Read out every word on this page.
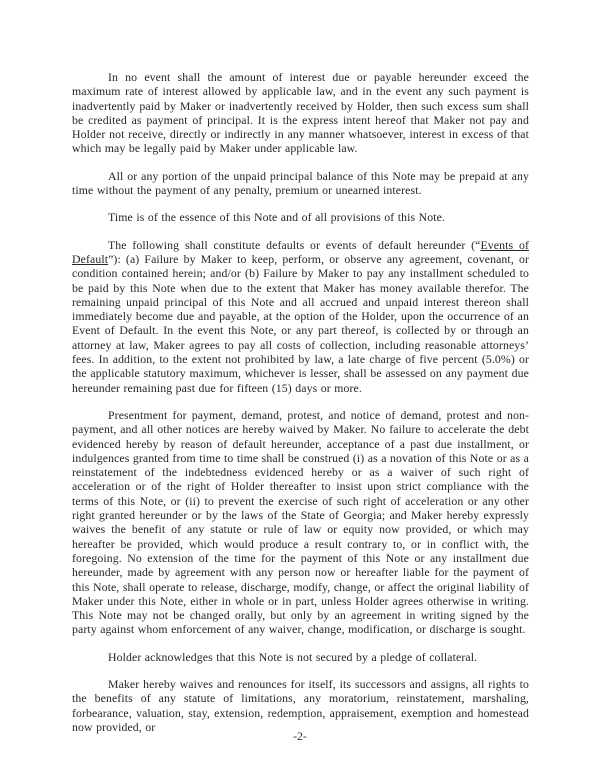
In no event shall the amount of interest due or payable hereunder exceed the maximum rate of interest allowed by applicable law, and in the event any such payment is inadvertently paid by Maker or inadvertently received by Holder, then such excess sum shall be credited as payment of principal. It is the express intent hereof that Maker not pay and Holder not receive, directly or indirectly in any manner whatsoever, interest in excess of that which may be legally paid by Maker under applicable law.

All or any portion of the unpaid principal balance of this Note may be prepaid at any time without the payment of any penalty, premium or unearned interest.

Time is of the essence of this Note and of all provisions of this Note.

The following shall constitute defaults or events of default hereunder (“Events of Default”): (a) Failure by Maker to keep, perform, or observe any agreement, covenant, or condition contained herein; and/or (b) Failure by Maker to pay any installment scheduled to be paid by this Note when due to the extent that Maker has money available therefor. The remaining unpaid principal of this Note and all accrued and unpaid interest thereon shall immediately become due and payable, at the option of the Holder, upon the occurrence of an Event of Default. In the event this Note, or any part thereof, is collected by or through an attorney at law, Maker agrees to pay all costs of collection, including reasonable attorneys’ fees. In addition, to the extent not prohibited by law, a late charge of five percent (5.0%) or the applicable statutory maximum, whichever is lesser, shall be assessed on any payment due hereunder remaining past due for fifteen (15) days or more.

Presentment for payment, demand, protest, and notice of demand, protest and non-payment, and all other notices are hereby waived by Maker. No failure to accelerate the debt evidenced hereby by reason of default hereunder, acceptance of a past due installment, or indulgences granted from time to time shall be construed (i) as a novation of this Note or as a reinstatement of the indebtedness evidenced hereby or as a waiver of such right of acceleration or of the right of Holder thereafter to insist upon strict compliance with the terms of this Note, or (ii) to prevent the exercise of such right of acceleration or any other right granted hereunder or by the laws of the State of Georgia; and Maker hereby expressly waives the benefit of any statute or rule of law or equity now provided, or which may hereafter be provided, which would produce a result contrary to, or in conflict with, the foregoing. No extension of the time for the payment of this Note or any installment due hereunder, made by agreement with any person now or hereafter liable for the payment of this Note, shall operate to release, discharge, modify, change, or affect the original liability of Maker under this Note, either in whole or in part, unless Holder agrees otherwise in writing. This Note may not be changed orally, but only by an agreement in writing signed by the party against whom enforcement of any waiver, change, modification, or discharge is sought.

Holder acknowledges that this Note is not secured by a pledge of collateral.

Maker hereby waives and renounces for itself, its successors and assigns, all rights to the benefits of any statute of limitations, any moratorium, reinstatement, marshaling, forbearance, valuation, stay, extension, redemption, appraisement, exemption and homestead now provided, or

-2-
